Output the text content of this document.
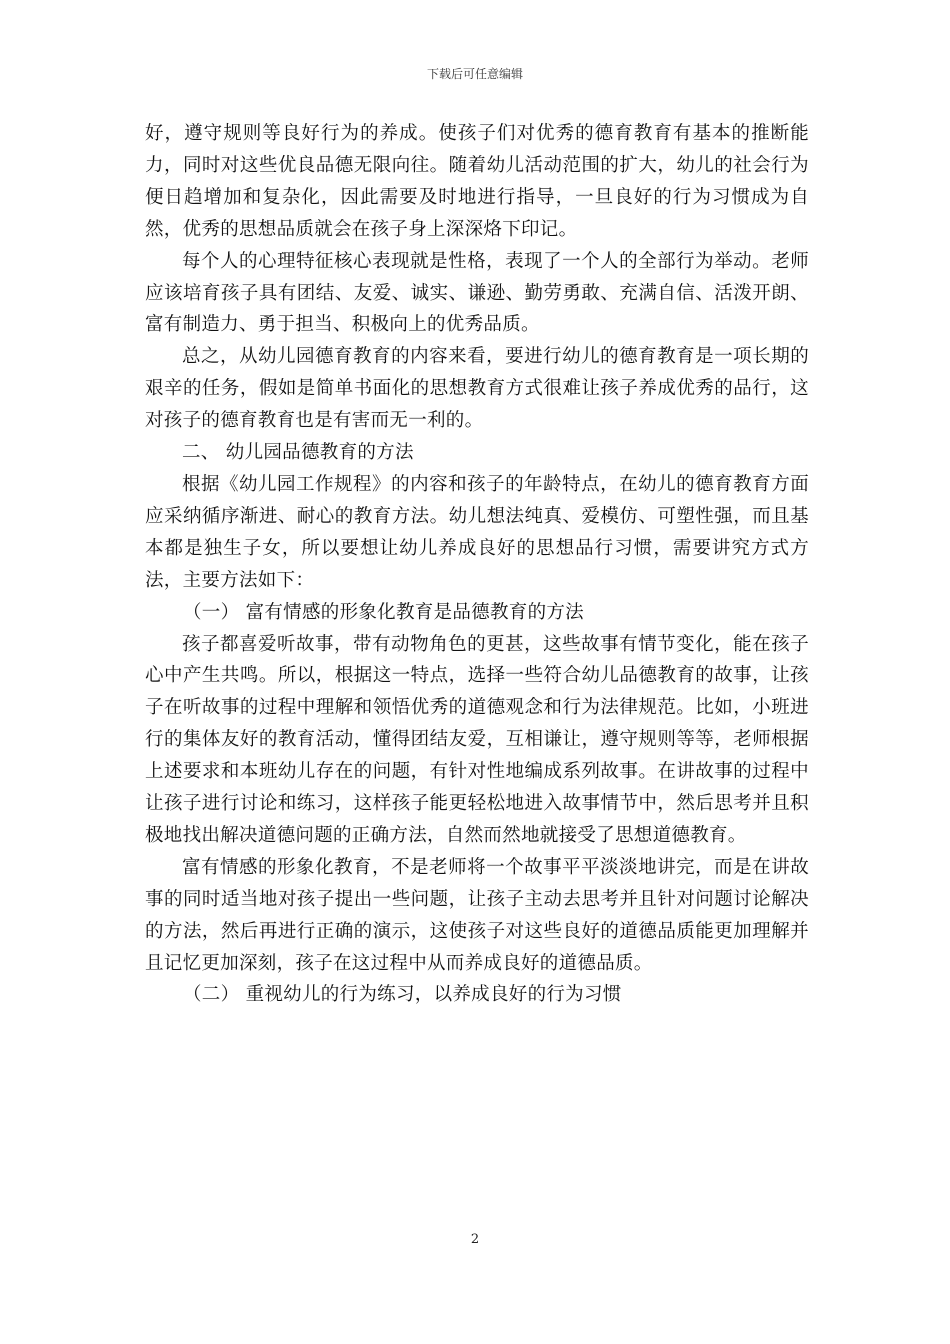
下载后可任意编辑

好，遵守规则等良好行为的养成。使孩子们对优秀的德育教育有基本的推断能力，同时对这些优良品德无限向往。随着幼儿活动范围的扩大，幼儿的社会行为便日趋增加和复杂化，因此需要及时地进行指导，一旦良好的行为习惯成为自然，优秀的思想品质就会在孩子身上深深烙下印记。

每个人的心理特征核心表现就是性格，表现了一个人的全部行为举动。老师应该培育孩子具有团结、友爱、诚实、谦逊、勤劳勇敢、充满自信、活泼开朗、富有制造力、勇于担当、积极向上的优秀品质。

总之，从幼儿园德育教育的内容来看，要进行幼儿的德育教育是一项长期的艰辛的任务，假如是简单书面化的思想教育方式很难让孩子养成优秀的品行，这对孩子的德育教育也是有害而无一利的。

二、 幼儿园品德教育的方法

根据《幼儿园工作规程》的内容和孩子的年龄特点，在幼儿的德育教育方面应采纳循序渐进、耐心的教育方法。幼儿想法纯真、爱模仿、可塑性强，而且基本都是独生子女，所以要想让幼儿养成良好的思想品行习惯，需要讲究方式方法，主要方法如下：

（一） 富有情感的形象化教育是品德教育的方法

孩子都喜爱听故事，带有动物角色的更甚，这些故事有情节变化，能在孩子心中产生共鸣。所以，根据这一特点，选择一些符合幼儿品德教育的故事，让孩子在听故事的过程中理解和领悟优秀的道德观念和行为法律规范。比如，小班进行的集体友好的教育活动，懂得团结友爱，互相谦让，遵守规则等等，老师根据上述要求和本班幼儿存在的问题，有针对性地编成系列故事。在讲故事的过程中让孩子进行讨论和练习，这样孩子能更轻松地进入故事情节中，然后思考并且积极地找出解决道德问题的正确方法，自然而然地就接受了思想道德教育。

富有情感的形象化教育，不是老师将一个故事平平淡淡地讲完，而是在讲故事的同时适当地对孩子提出一些问题，让孩子主动去思考并且针对问题讨论解决的方法，然后再进行正确的演示，这使孩子对这些良好的道德品质能更加理解并且记忆更加深刻，孩子在这过程中从而养成良好的道德品质。

（二） 重视幼儿的行为练习，以养成良好的行为习惯

2
